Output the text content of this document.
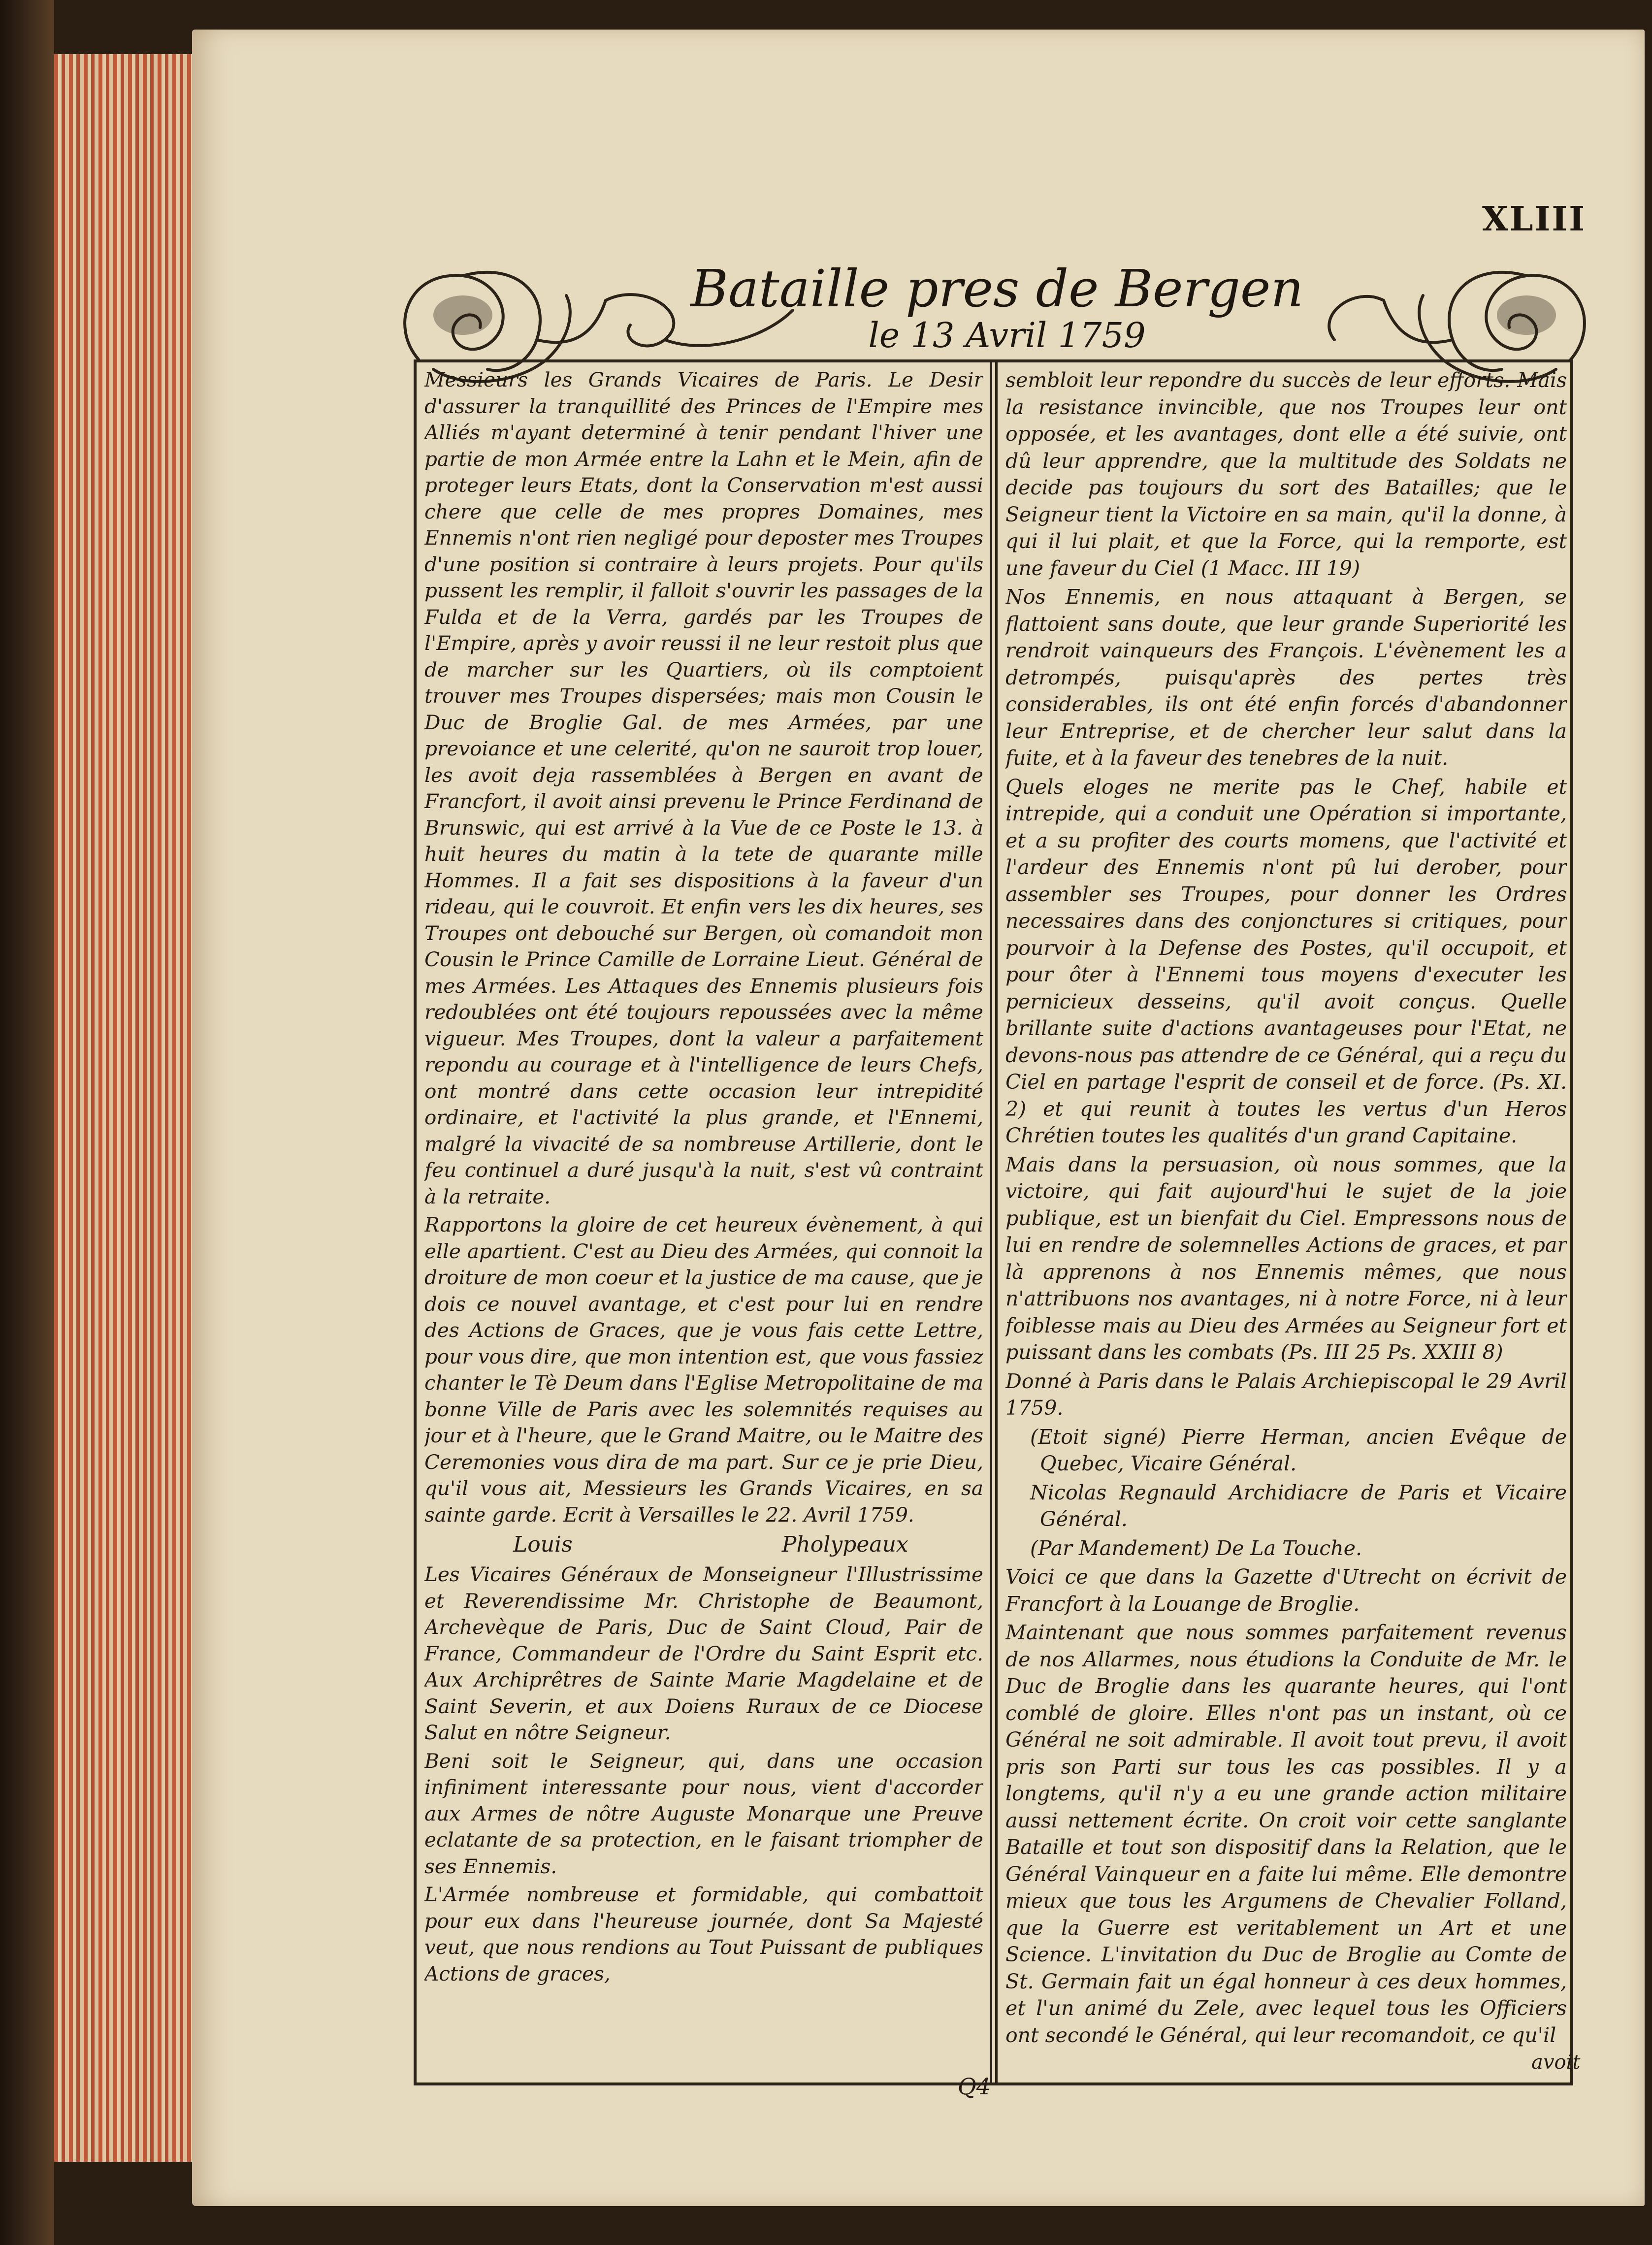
XLIII
Bataille pres de Bergen
le 13 Avril 1759

Messieurs les Grands Vicaires de Paris. Le Desir d'assurer la tranquillité des Princes de l'Empire mes Alliés m'ayant determiné à tenir pendant l'hiver une partie de mon Armée entre la Lahn et le Mein, afin de proteger leurs Etats, dont la Conservation m'est aussi chere que celle de mes propres Domaines, mes Ennemis n'ont rien negligé pour deposter mes Troupes d'une position si contraire à leurs projets. Pour qu'ils pussent les remplir, il falloit s'ouvrir les passages de la Fulda et de la Verra, gardés par les Troupes de l'Empire, après y avoir reussi il ne leur restoit plus que de marcher sur les Quartiers, où ils comptoient trouver mes Troupes dispersées; mais mon Cousin le Duc de Broglie Gal. de mes Armées, par une prevoiance et une celerité, qu'on ne sauroit trop louer, les avoit deja rassemblées à Bergen en avant de Francfort, il avoit ainsi prevenu le Prince Ferdinand de Brunswic, qui est arrivé à la Vue de ce Poste le 13. à huit heures du matin à la tete de quarante mille Hommes. Il a fait ses dispositions à la faveur d'un rideau, qui le couvroit. Et enfin vers les dix heures, ses Troupes ont debouché sur Bergen, où comandoit mon Cousin le Prince Camille de Lorraine Lieut. Général de mes Armées. Les Attaques des Ennemis plusieurs fois redoublées ont été toujours repoussées avec la même vigueur. Mes Troupes, dont la valeur a parfaitement repondu au courage et à l'intelligence de leurs Chefs, ont montré dans cette occasion leur intrepidité ordinaire, et l'activité la plus grande, et l'Ennemi, malgré la vivacité de sa nombreuse Artillerie, dont le feu continuel a duré jusqu'à la nuit, s'est vû contraint à la retraite.

Rapportons la gloire de cet heureux évènement, à qui elle apartient. C'est au Dieu des Armées, qui connoit la droiture de mon coeur et la justice de ma cause, que je dois ce nouvel avantage, et c'est pour lui en rendre des Actions de Graces, que je vous fais cette Lettre, pour vous dire, que mon intention est, que vous fassiez chanter le Tè Deum dans l'Eglise Metropolitaine de ma bonne Ville de Paris avec les solemnités requises au jour et à l'heure, que le Grand Maitre, ou le Maitre des Ceremonies vous dira de ma part. Sur ce je prie Dieu, qu'il vous ait, Messieurs les Grands Vicaires, en sa sainte garde. Ecrit à Versailles le 22. Avril 1759.

Louis	Pholypeaux

Les Vicaires Généraux de Monseigneur l'Illustrissime et Reverendissime Mr. Christophe de Beaumont, Archevèque de Paris, Duc de Saint Cloud, Pair de France, Commandeur de l'Ordre du Saint Esprit etc. Aux Archiprêtres de Sainte Marie Magdelaine et de Saint Severin, et aux Doiens Ruraux de ce Diocese Salut en nôtre Seigneur.

Beni soit le Seigneur, qui, dans une occasion infiniment interessante pour nous, vient d'accorder aux Armes de nôtre Auguste Monarque une Preuve eclatante de sa protection, en le faisant triompher de ses Ennemis.

L'Armée nombreuse et formidable, qui combattoit pour eux dans l'heureuse journée, dont Sa Majesté veut, que nous rendions au Tout Puissant de publiques Actions de graces,

sembloit leur repondre du succès de leur efforts. Mais la resistance invincible, que nos Troupes leur ont opposée, et les avantages, dont elle a été suivie, ont dû leur apprendre, que la multitude des Soldats ne decide pas toujours du sort des Batailles; que le Seigneur tient la Victoire en sa main, qu'il la donne, à qui il lui plait, et que la Force, qui la remporte, est une faveur du Ciel (1 Macc. III 19)

Nos Ennemis, en nous attaquant à Bergen, se flattoient sans doute, que leur grande Superiorité les rendroit vainqueurs des François. L'évènement les a detrompés, puisqu'après des pertes très considerables, ils ont été enfin forcés d'abandonner leur Entreprise, et de chercher leur salut dans la fuite, et à la faveur des tenebres de la nuit.

Quels eloges ne merite pas le Chef, habile et intrepide, qui a conduit une Opération si importante, et a su profiter des courts momens, que l'activité et l'ardeur des Ennemis n'ont pû lui derober, pour assembler ses Troupes, pour donner les Ordres necessaires dans des conjonctures si critiques, pour pourvoir à la Defense des Postes, qu'il occupoit, et pour ôter à l'Ennemi tous moyens d'executer les pernicieux desseins, qu'il avoit conçus. Quelle brillante suite d'actions avantageuses pour l'Etat, ne devons-nous pas attendre de ce Général, qui a reçu du Ciel en partage l'esprit de conseil et de force. (Ps. XI. 2) et qui reunit à toutes les vertus d'un Heros Chrétien toutes les qualités d'un grand Capitaine.

Mais dans la persuasion, où nous sommes, que la victoire, qui fait aujourd'hui le sujet de la joie publique, est un bienfait du Ciel. Empressons nous de lui en rendre de solemnelles Actions de graces, et par là apprenons à nos Ennemis mêmes, que nous n'attribuons nos avantages, ni à notre Force, ni à leur foiblesse mais au Dieu des Armées au Seigneur fort et puissant dans les combats (Ps. III 25 Ps. XXIII 8)

Donné à Paris dans le Palais Archiepiscopal le 29 Avril 1759.

(Etoit signé) Pierre Herman, ancien Evêque de Quebec, Vicaire Général.

Nicolas Regnauld Archidiacre de Paris et Vicaire Général.

(Par Mandement) De La Touche.

Voici ce que dans la Gazette d'Utrecht on écrivit de Francfort à la Louange de Broglie.

Maintenant que nous sommes parfaitement revenus de nos Allarmes, nous étudions la Conduite de Mr. le Duc de Broglie dans les quarante heures, qui l'ont comblé de gloire. Elles n'ont pas un instant, où ce Général ne soit admirable. Il avoit tout prevu, il avoit pris son Parti sur tous les cas possibles. Il y a longtems, qu'il n'y a eu une grande action militaire aussi nettement écrite. On croit voir cette sanglante Bataille et tout son dispositif dans la Relation, que le Général Vainqueur en a faite lui même. Elle demontre mieux que tous les Argumens de Chevalier Folland, que la Guerre est veritablement un Art et une Science. L'invitation du Duc de Broglie au Comte de St. Germain fait un égal honneur à ces deux hommes, et l'un animé du Zele, avec lequel tous les Officiers ont secondé le Général, qui leur recomandoit, ce qu'il

avoit
Q4
